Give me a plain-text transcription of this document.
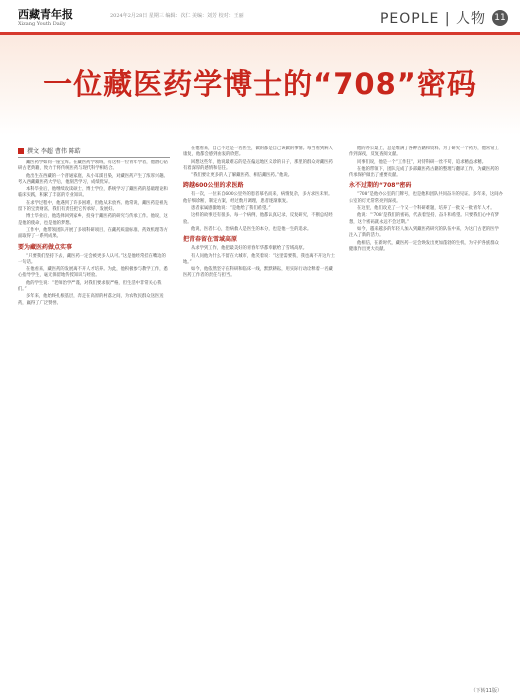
西藏青年报
Xizang Youth Daily
2024年2月28日 星期三 编辑：次仁 美编：刘芳 校对：王丽	PEOPLE | 人物 11
一位藏医药学博士的“708”密码
撰文 李超 曹伟 陈皓

藏医药学如同一座宝库。在藏医药学领域，有这样一位青年学者，他潜心钻研古老典籍，致力于将传统医药与现代科学相结合。

他出生在西藏的一个普通家庭，从小耳濡目染，对藏医药产生了浓厚兴趣。考入西藏藏医药大学后，他刻苦学习，成绩优异。

本科毕业后，他继续攻读硕士、博士学位，系统学习了藏医药的基础理论和临床实践，积累了丰富的专业知识。

在求学过程中，他遇到了许多困难，但他从未放弃。他常说，藏医药是祖先留下的宝贵财富，我们有责任把它传承好、发展好。

博士毕业后，他选择回到家乡，投身于藏医药的研究与传承工作。他说，这是他的使命，也是他的梦想。

工作中，他带领团队开展了多项科研项目，在藏药质量标准、药效机理等方面取得了一系列成果。

要为藏医药做点实事

“只要我们坚持下去，藏医药一定会被更多人认可。”这是他经常挂在嘴边的一句话。

在他看来，藏医药的发展离不开人才培养。为此，他积极参与教学工作，悉心指导学生，毫无保留地传授知识与经验。

他的学生说：“老师治学严谨，对我们要求很严格，但生活中非常关心我们。”

多年来，他始终扎根基层，奔走在高原的村落之间，为农牧民群众送医送药，赢得了广泛赞誉。

在他看来，自己不过是一名医生，做的都是自己该做的事情。每当看到病人康复，他都会感到由衷的欣慰。

回想这些年，他说最难忘的是在偏远地区义诊的日子，那里的群众对藏医药有着深厚的感情和信任。

“我们要让更多的人了解藏医药、相信藏医药。”他说。

跨越600公里的求医路

有一次，一位来自600公里外的患者慕名而来，病情复杂，多方求医未果。他仔细诊断，制定方案，经过数月调理，患者逐渐康复。

患者家属感激地说：“是他给了我们希望。”

这样的故事还有很多。每一个病例，他都认真记录，反复研究，不断总结经验。

他说，医者仁心，治病救人是医生的本分，也是他一生的追求。

把青春留在雪域高原

从求学到工作，他把最美好的青春年华都奉献给了雪域高原。

有人问他为什么不留在大城市，他笑着说：“这里需要我，我也离不开这片土地。”

如今，他依然坚守在科研和临床一线，默默耕耘，用实际行动诠释着一名藏医药工作者的责任与担当。

他的办公桌上，总是堆满了各种古籍和资料。为了研究一个药方，他常常工作到深夜，反复查阅文献。

同事们说，他是一个“工作狂”，对待科研一丝不苟，追求精益求精。

在他的带领下，团队完成了多部藏医药古籍的整理与翻译工作，为藏医药的传承保护做出了重要贡献。

永不过期的“708”密码

“708”是他办公室的门牌号，也是他和团队共同奋斗的见证。多年来，这间办公室的灯光常常亮到深夜。

在这里，他们攻克了一个又一个科研难题，培养了一批又一批青年人才。

他说：“‘708’是我们的密码，代表着坚持、奋斗和希望。只要我们心中有梦想，这个密码就永远不会过期。”

如今，越来越多的年轻人加入到藏医药研究的队伍中来，为这门古老的医学注入了新的活力。

他相信，在新时代，藏医药一定会焕发出更加蓬勃的生机，为守护各族群众健康作出更大贡献。

（下转11版）
